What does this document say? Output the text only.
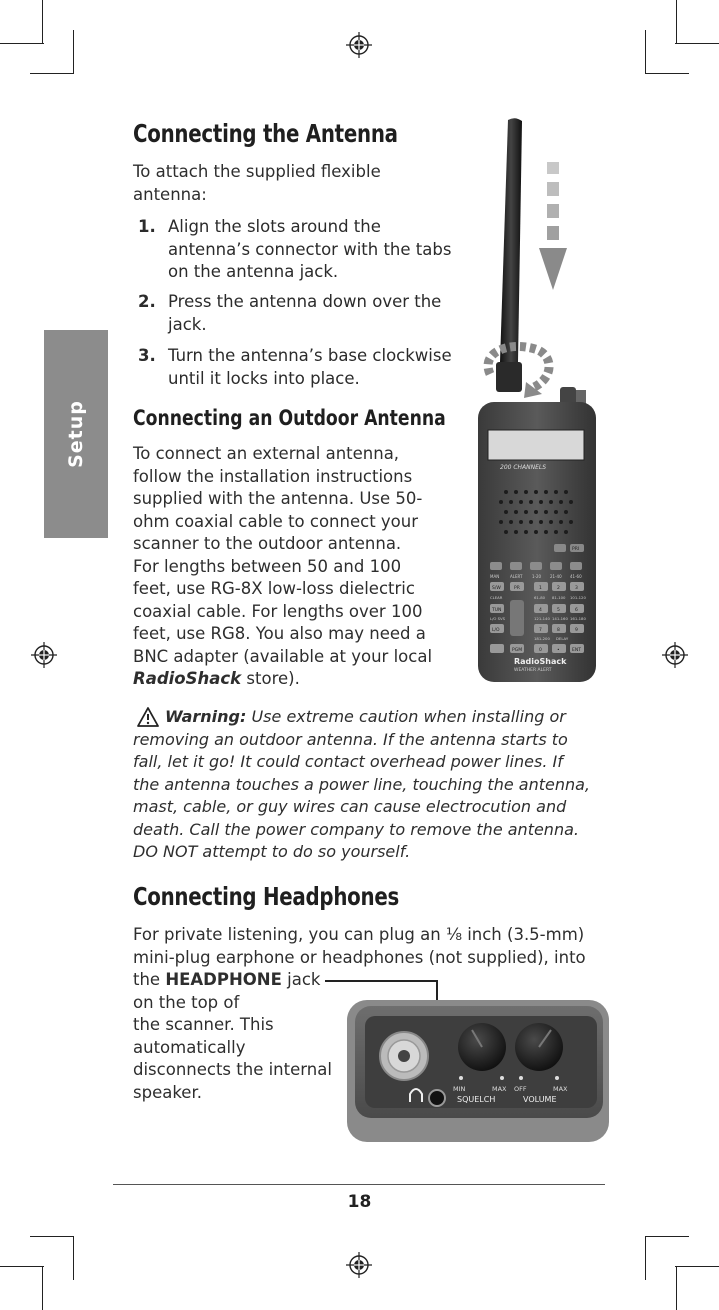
Setup
Connecting the Antenna

To attach the supplied flexible
antenna:

1. Align the slots around the
antenna’s connector with the tabs
on the antenna jack.
2. Press the antenna down over the
jack.
3. Turn the antenna’s base clockwise
until it locks into place.
Connecting an Outdoor Antenna

To connect an external antenna,
follow the installation instructions
supplied with the antenna. Use 50-
ohm coaxial cable to connect your
scanner to the outdoor antenna.
For lengths between 50 and 100
feet, use RG-8X low-loss dielectric
coaxial cable. For lengths over 100
feet, use RG8. You also may need a
BNC adapter (available at your local
RadioShack store).

Warning: Use extreme caution when installing or
removing an outdoor antenna. If the antenna starts to
fall, let it go! It could contact overhead power lines. If
the antenna touches a power line, touching the antenna,
mast, cable, or guy wires can cause electrocution and
death. Call the power company to remove the antenna.
DO NOT attempt to do so yourself.
Connecting Headphones

For private listening, you can plug an ⅛ inch (3.5-mm)
mini-plug earphone or headphones (not supplied), into
the HEADPHONE jack
on the top of
the scanner. This
automatically
disconnects the internal
speaker.

200 CHANNELS
PRI
MAN	ALERT 1-20 21-40 41-60
S/W	PR	1	2	3
TUN	4	5	6
L/O	7	8	9
PGM	0	•	ENT
CLEAR	61-80 81-100 101-120
L/O SVS	121-140 141-160 161-180
181-200 DELAY
RadioShack
WEATHER ALERT
MIN	MAX
SQUELCH
OFF	MAX
VOLUME
18
